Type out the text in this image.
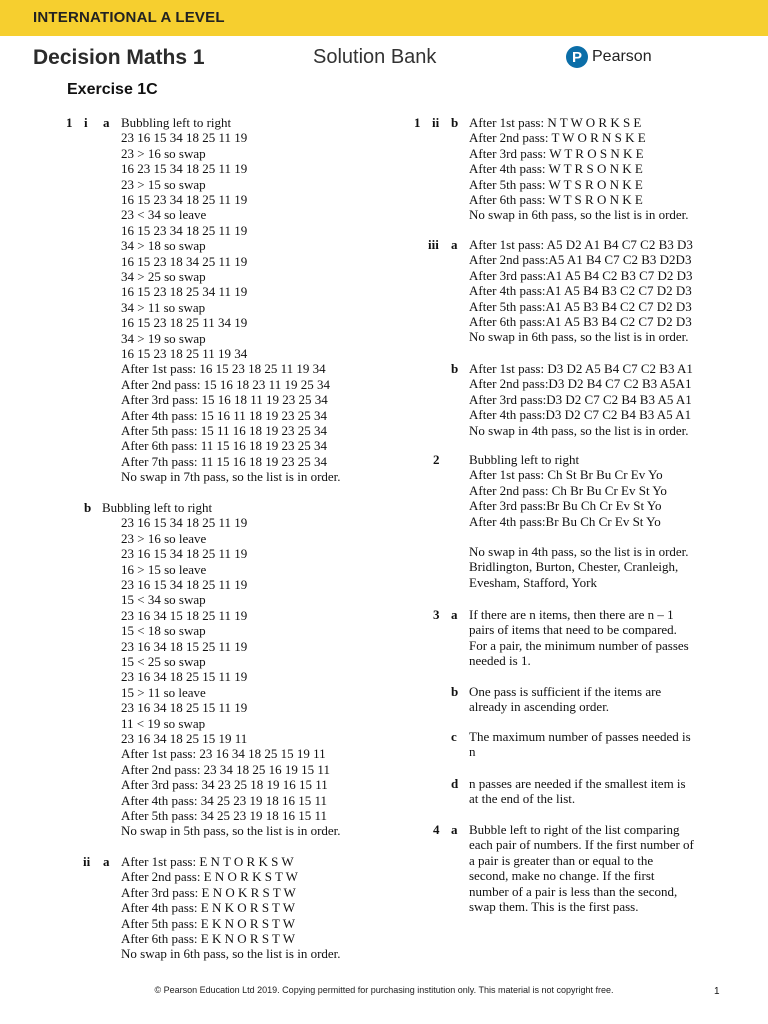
INTERNATIONAL A LEVEL
Decision Maths 1	Solution Bank	P Pearson
Exercise 1C
1 i a Bubbling left to right
23 16 15 34 18 25 11 19
23 > 16 so swap
16 23 15 34 18 25 11 19
23 > 15 so swap
16 15 23 34 18 25 11 19
23 < 34 so leave
16 15 23 34 18 25 11 19
34 > 18 so swap
16 15 23 18 34 25 11 19
34 > 25 so swap
16 15 23 18 25 34 11 19
34 > 11 so swap
16 15 23 18 25 11 34 19
34 > 19 so swap
16 15 23 18 25 11 19 34
After 1st pass: 16 15 23 18 25 11 19 34
After 2nd pass: 15 16 18 23 11 19 25 34
After 3rd pass: 15 16 18 11 19 23 25 34
After 4th pass: 15 16 11 18 19 23 25 34
After 5th pass: 15 11 16 18 19 23 25 34
After 6th pass: 11 15 16 18 19 23 25 34
After 7th pass: 11 15 16 18 19 23 25 34
No swap in 7th pass, so the list is in order.
b Bubbling left to right
23 16 15 34 18 25 11 19
23 > 16 so leave
23 16 15 34 18 25 11 19
16 > 15 so leave
23 16 15 34 18 25 11 19
15 < 34 so swap
23 16 34 15 18 25 11 19
15 < 18 so swap
23 16 34 18 15 25 11 19
15 < 25 so swap
23 16 34 18 25 15 11 19
15 > 11 so leave
23 16 34 18 25 15 11 19
11 < 19 so swap
23 16 34 18 25 15 19 11
After 1st pass: 23 16 34 18 25 15 19 11
After 2nd pass: 23 34 18 25 16 19 15 11
After 3rd pass: 34 23 25 18 19 16 15 11
After 4th pass: 34 25 23 19 18 16 15 11
After 5th pass: 34 25 23 19 18 16 15 11
No swap in 5th pass, so the list is in order.
ii a After 1st pass: E N T O R K S W
After 2nd pass: E N O R K S T W
After 3rd pass: E N O K R S T W
After 4th pass: E N K O R S T W
After 5th pass: E K N O R S T W
After 6th pass: E K N O R S T W
No swap in 6th pass, so the list is in order.
1 ii b After 1st pass: N T W O R K S E
After 2nd pass: T W O R N S K E
After 3rd pass: W T R O S N K E
After 4th pass: W T R S O N K E
After 5th pass: W T S R O N K E
After 6th pass: W T S R O N K E
No swap in 6th pass, so the list is in order.
iii a After 1st pass: A5 D2 A1 B4 C7 C2 B3 D3
After 2nd pass:A5 A1 B4 C7 C2 B3 D2D3
After 3rd pass:A1 A5 B4 C2 B3 C7 D2 D3
After 4th pass:A1 A5 B4 B3 C2 C7 D2 D3
After 5th pass:A1 A5 B3 B4 C2 C7 D2 D3
After 6th pass:A1 A5 B3 B4 C2 C7 D2 D3
No swap in 6th pass, so the list is in order.
b After 1st pass: D3 D2 A5 B4 C7 C2 B3 A1
After 2nd pass:D3 D2 B4 C7 C2 B3 A5A1
After 3rd pass:D3 D2 C7 C2 B4 B3 A5 A1
After 4th pass:D3 D2 C7 C2 B4 B3 A5 A1
No swap in 4th pass, so the list is in order.
2 Bubbling left to right
After 1st pass: Ch St Br Bu Cr Ev Yo
After 2nd pass: Ch Br Bu Cr Ev St Yo
After 3rd pass:Br Bu Ch Cr Ev St Yo
After 4th pass:Br Bu Ch Cr Ev St Yo
No swap in 4th pass, so the list is in order.
Bridlington, Burton, Chester, Cranleigh,
Evesham, Stafford, York
3 a If there are n items, then there are n – 1
pairs of items that need to be compared.
For a pair, the minimum number of passes
needed is 1.
b One pass is sufficient if the items are
already in ascending order.
c The maximum number of passes needed is
n
d n passes are needed if the smallest item is
at the end of the list.
4 a Bubble left to right of the list comparing
each pair of numbers. If the first number of
a pair is greater than or equal to the
second, make no change. If the first
number of a pair is less than the second,
swap them. This is the first pass.
© Pearson Education Ltd 2019. Copying permitted for purchasing institution only. This material is not copyright free.	1
